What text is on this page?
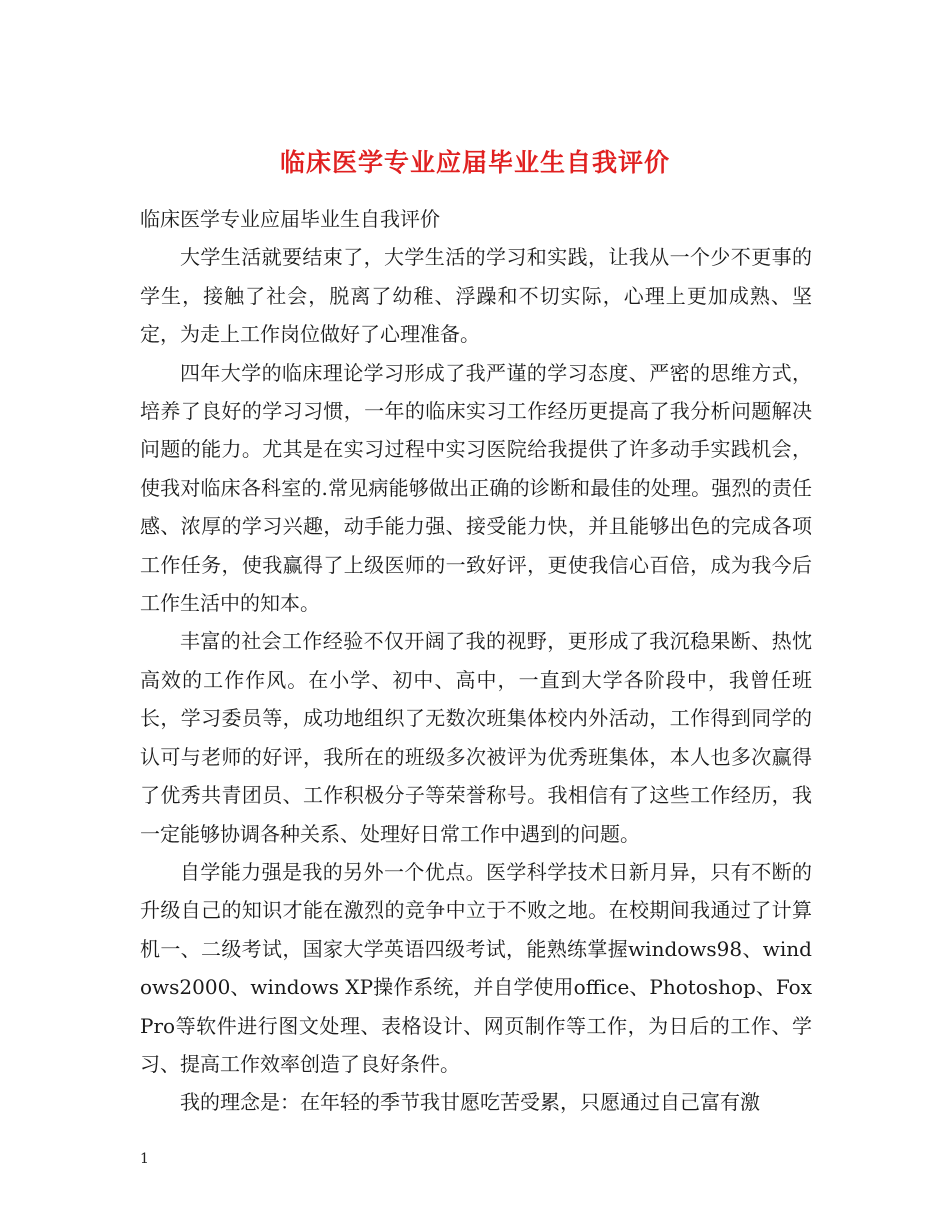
临床医学专业应届毕业生自我评价

临床医学专业应届毕业生自我评价

大学生活就要结束了，大学生活的学习和实践，让我从一个少不更事的学生，接触了社会，脱离了幼稚、浮躁和不切实际，心理上更加成熟、坚定，为走上工作岗位做好了心理准备。

四年大学的临床理论学习形成了我严谨的学习态度、严密的思维方式，培养了良好的学习习惯，一年的临床实习工作经历更提高了我分析问题解决问题的能力。尤其是在实习过程中实习医院给我提供了许多动手实践机会，使我对临床各科室的.常见病能够做出正确的诊断和最佳的处理。强烈的责任感、浓厚的学习兴趣，动手能力强、接受能力快，并且能够出色的完成各项工作任务，使我赢得了上级医师的一致好评，更使我信心百倍，成为我今后工作生活中的知本。

丰富的社会工作经验不仅开阔了我的视野，更形成了我沉稳果断、热忱高效的工作作风。在小学、初中、高中，一直到大学各阶段中，我曾任班长，学习委员等，成功地组织了无数次班集体校内外活动，工作得到同学的认可与老师的好评，我所在的班级多次被评为优秀班集体，本人也多次赢得了优秀共青团员、工作积极分子等荣誉称号。我相信有了这些工作经历，我一定能够协调各种关系、处理好日常工作中遇到的问题。

自学能力强是我的另外一个优点。医学科学技术日新月异，只有不断的升级自己的知识才能在激烈的竞争中立于不败之地。在校期间我通过了计算机一、二级考试，国家大学英语四级考试，能熟练掌握windows98、windows2000、windows XP操作系统，并自学使用office、Photoshop、FoxPro等软件进行图文处理、表格设计、网页制作等工作，为日后的工作、学习、提高工作效率创造了良好条件。

我的理念是：在年轻的季节我甘愿吃苦受累，只愿通过自己富有激

1
